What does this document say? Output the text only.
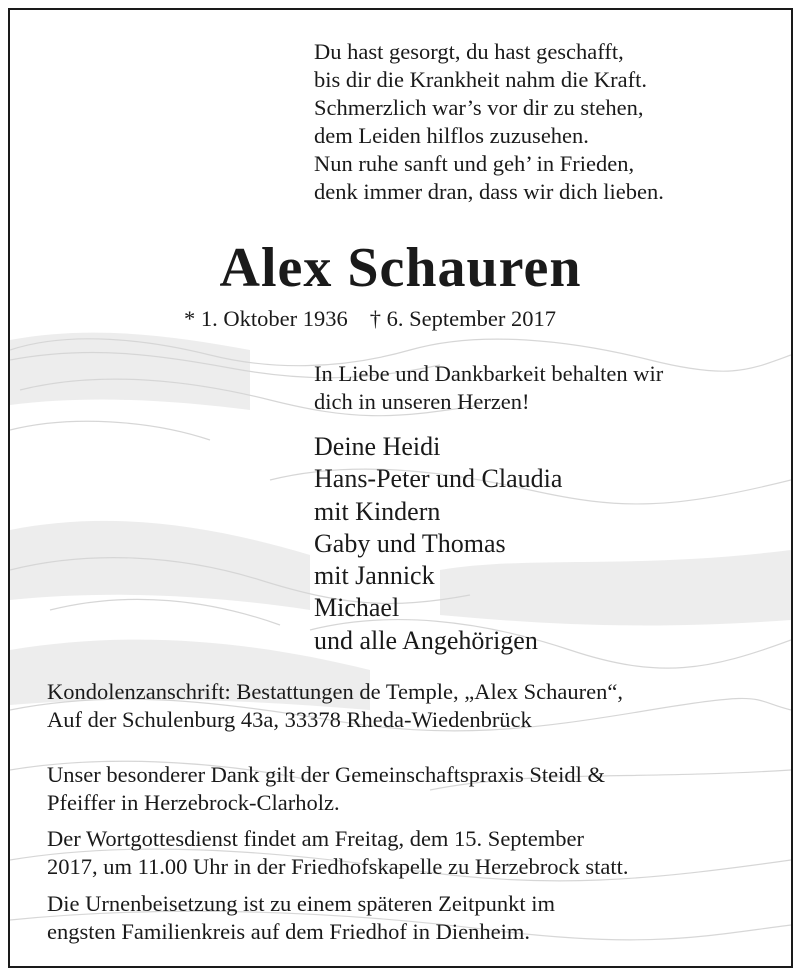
Du hast gesorgt, du hast geschafft,
bis dir die Krankheit nahm die Kraft.
Schmerzlich war’s vor dir zu stehen,
dem Leiden hilflos zuzusehen.
Nun ruhe sanft und geh’ in Frieden,
denk immer dran, dass wir dich lieben.
Alex Schauren
* 1. Oktober 1936 † 6. September 2017
In Liebe und Dankbarkeit behalten wir
dich in unseren Herzen!
Deine Heidi
Hans-Peter und Claudia
mit Kindern
Gaby und Thomas
mit Jannick
Michael
und alle Angehörigen
Kondolenzanschrift: Bestattungen de Temple, „Alex Schauren“,
Auf der Schulenburg 43a, 33378 Rheda-Wiedenbrück
Unser besonderer Dank gilt der Gemeinschaftspraxis Steidl &
Pfeiffer in Herzebrock-Clarholz.
Der Wortgottesdienst findet am Freitag, dem 15. September
2017, um 11.00 Uhr in der Friedhofskapelle zu Herzebrock statt.
Die Urnenbeisetzung ist zu einem späteren Zeitpunkt im
engsten Familienkreis auf dem Friedhof in Dienheim.
